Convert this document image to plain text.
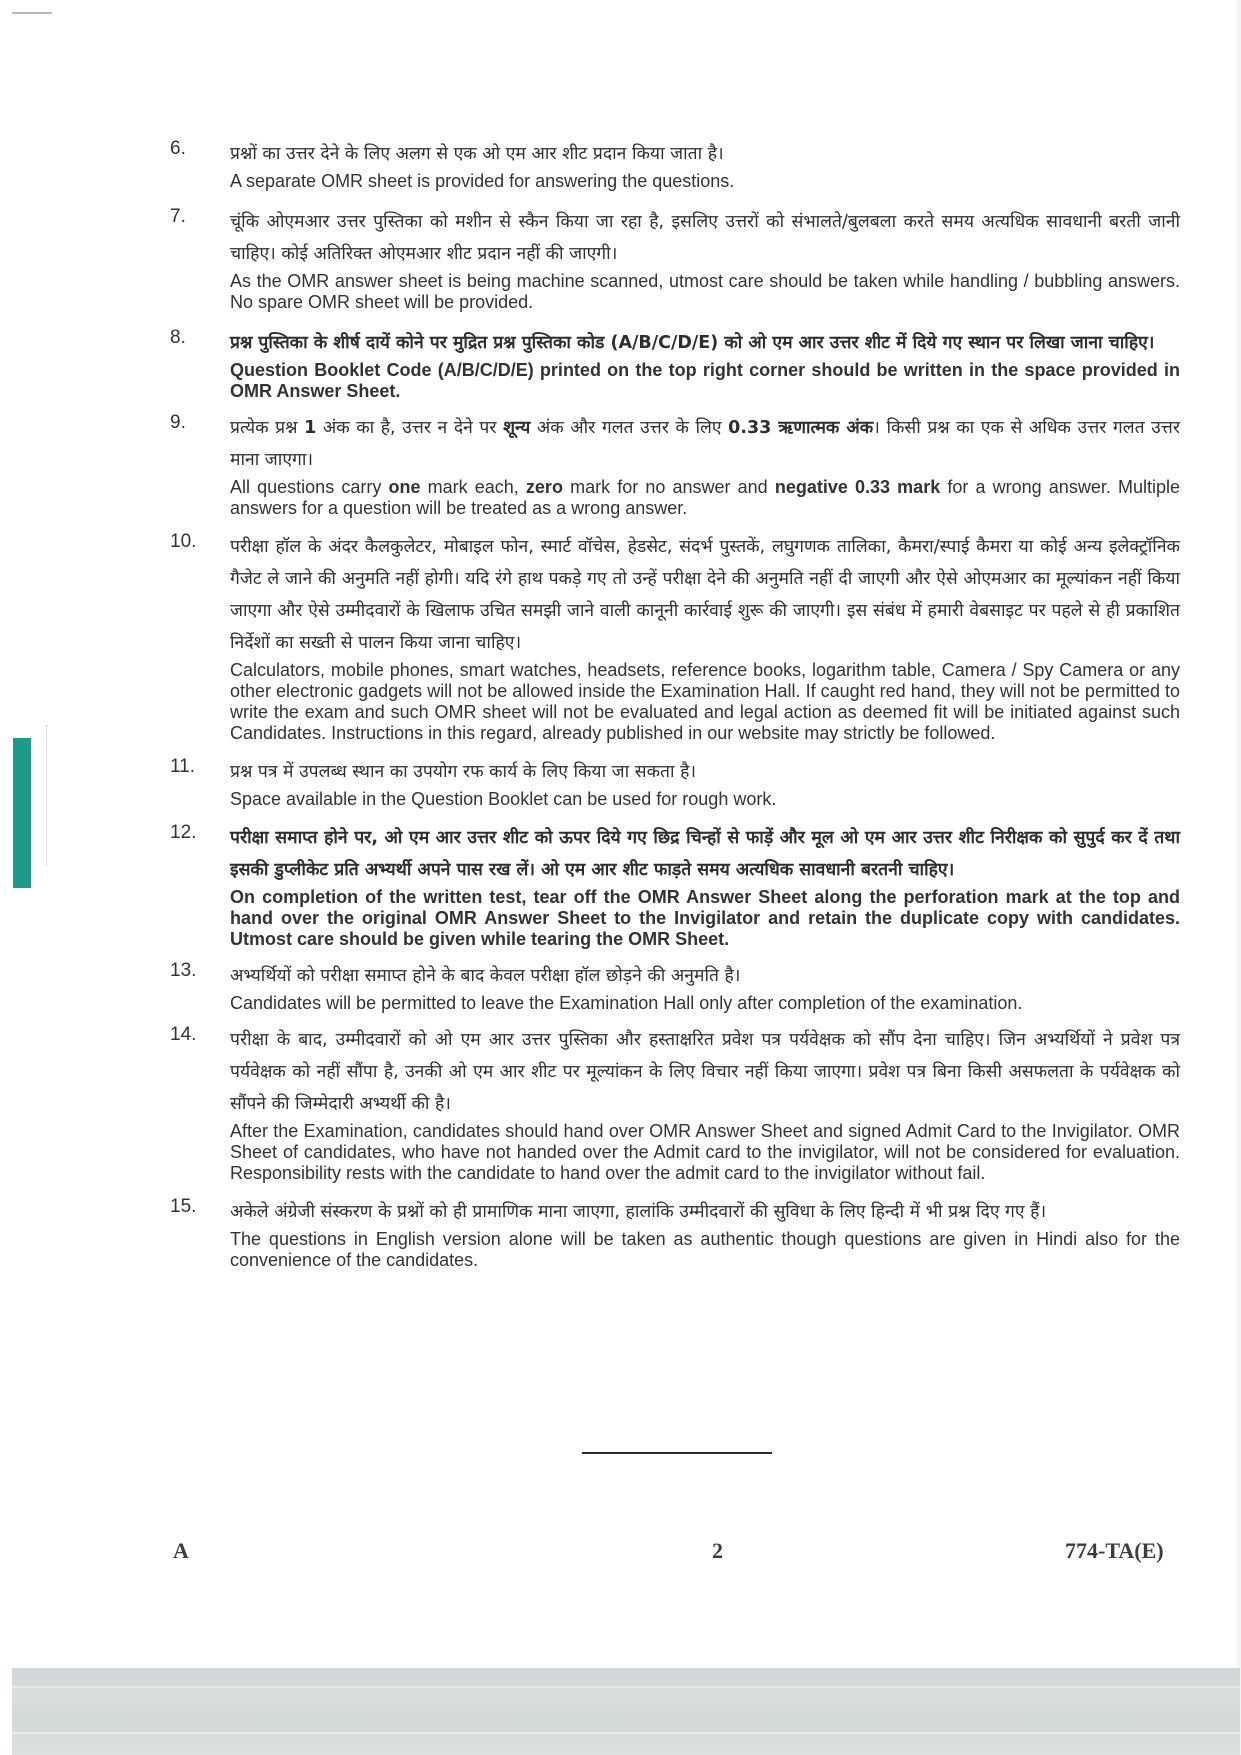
6.	प्रश्नों का उत्तर देने के लिए अलग से एक ओ एम आर शीट प्रदान किया जाता है।

A separate OMR sheet is provided for answering the questions.

7.	चूंकि ओएमआर उत्तर पुस्तिका को मशीन से स्कैन किया जा रहा है, इसलिए उत्तरों को संभालते/बुलबला करते समय अत्यधिक सावधानी बरती जानी चाहिए। कोई अतिरिक्त ओएमआर शीट प्रदान नहीं की जाएगी।

As the OMR answer sheet is being machine scanned, utmost care should be taken while handling / bubbling answers. No spare OMR sheet will be provided.

8.	प्रश्न पुस्तिका के शीर्ष दायें कोने पर मुद्रित प्रश्न पुस्तिका कोड (A/B/C/D/E) को ओ एम आर उत्तर शीट में दिये गए स्थान पर लिखा जाना चाहिए।

Question Booklet Code (A/B/C/D/E) printed on the top right corner should be written in the space provided in OMR Answer Sheet.

9.	प्रत्येक प्रश्न 1 अंक का है, उत्तर न देने पर शून्य अंक और गलत उत्तर के लिए 0.33 ऋणात्मक अंक। किसी प्रश्न का एक से अधिक उत्तर गलत उत्तर माना जाएगा।

All questions carry one mark each, zero mark for no answer and negative 0.33 mark for a wrong answer. Multiple answers for a question will be treated as a wrong answer.

10. परीक्षा हॉल के अंदर कैलकुलेटर, मोबाइल फोन, स्मार्ट वॉचेस, हेडसेट, संदर्भ पुस्तकें, लघुगणक तालिका, कैमरा/स्पाई कैमरा या कोई अन्य इलेक्ट्रॉनिक गैजेट ले जाने की अनुमति नहीं होगी। यदि रंगे हाथ पकड़े गए तो उन्हें परीक्षा देने की अनुमति नहीं दी जाएगी और ऐसे ओएमआर का मूल्यांकन नहीं किया जाएगा और ऐसे उम्मीदवारों के खिलाफ उचित समझी जाने वाली कानूनी कार्रवाई शुरू की जाएगी। इस संबंध में हमारी वेबसाइट पर पहले से ही प्रकाशित निर्देशों का सख्ती से पालन किया जाना चाहिए।

Calculators, mobile phones, smart watches, headsets, reference books, logarithm table, Camera / Spy Camera or any other electronic gadgets will not be allowed inside the Examination Hall. If caught red hand, they will not be permitted to write the exam and such OMR sheet will not be evaluated and legal action as deemed fit will be initiated against such Candidates. Instructions in this regard, already published in our website may strictly be followed.

11. प्रश्न पत्र में उपलब्ध स्थान का उपयोग रफ कार्य के लिए किया जा सकता है।

Space available in the Question Booklet can be used for rough work.

12. परीक्षा समाप्त होने पर, ओ एम आर उत्तर शीट को ऊपर दिये गए छिद्र चिन्हों से फाड़ें और मूल ओ एम आर उत्तर शीट निरीक्षक को सुपुर्द कर दें तथा इसकी डुप्लीकेट प्रति अभ्यर्थी अपने पास रख लें। ओ एम आर शीट फाड़ते समय अत्यधिक सावधानी बरतनी चाहिए।

On completion of the written test, tear off the OMR Answer Sheet along the perforation mark at the top and hand over the original OMR Answer Sheet to the Invigilator and retain the duplicate copy with candidates. Utmost care should be given while tearing the OMR Sheet.

13. अभ्यर्थियों को परीक्षा समाप्त होने के बाद केवल परीक्षा हॉल छोड़ने की अनुमति है।

Candidates will be permitted to leave the Examination Hall only after completion of the examination.

14. परीक्षा के बाद, उम्मीदवारों को ओ एम आर उत्तर पुस्तिका और हस्ताक्षरित प्रवेश पत्र पर्यवेक्षक को सौंप देना चाहिए। जिन अभ्यर्थियों ने प्रवेश पत्र पर्यवेक्षक को नहीं सौंपा है, उनकी ओ एम आर शीट पर मूल्यांकन के लिए विचार नहीं किया जाएगा। प्रवेश पत्र बिना किसी असफलता के पर्यवेक्षक को सौंपने की जिम्मेदारी अभ्यर्थी की है।

After the Examination, candidates should hand over OMR Answer Sheet and signed Admit Card to the Invigilator. OMR Sheet of candidates, who have not handed over the Admit card to the invigilator, will not be considered for evaluation. Responsibility rests with the candidate to hand over the admit card to the invigilator without fail.

15. अकेले अंग्रेजी संस्करण के प्रश्नों को ही प्रामाणिक माना जाएगा, हालांकि उम्मीदवारों की सुविधा के लिए हिन्दी में भी प्रश्न दिए गए हैं।

The questions in English version alone will be taken as authentic though questions are given in Hindi also for the convenience of the candidates.

A	2	774-TA(E)
